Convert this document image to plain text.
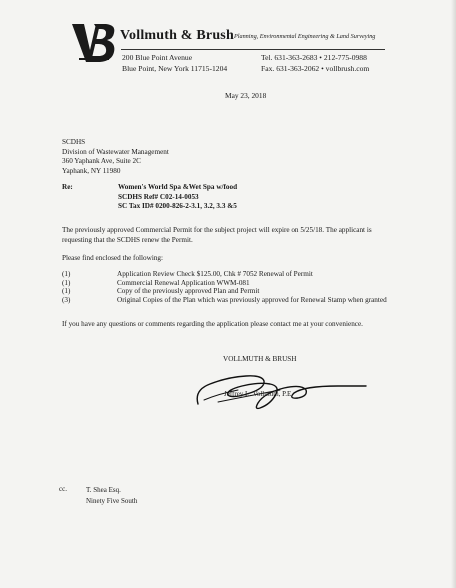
Vollmuth & Brush Planning, Environmental Engineering & Land Surveying
200 Blue Point Avenue
Blue Point, New York 11715-1204
Tel. 631-363-2683 • 212-775-0988
Fax. 631-363-2062 • vollbrush.com
May 23, 2018
SCDHS
Division of Wastewater Management
360 Yaphank Ave, Suite 2C
Yaphank, NY 11980
Re:	Women's World Spa &Wet Spa w/food
SCDHS Ref# C02-14-0053
SC Tax ID# 0200-826-2-3.1, 3.2, 3.3 &5
The previously approved Commercial Permit for the subject project will expire on 5/25/18. The applicant is requesting that the SCDHS renew the Permit.
Please find enclosed the following:
(1)	Application Review Check $125.00, Chk # 7052 Renewal of Permit
(1)	Commercial Renewal Application WWM-081
(1)	Copy of the previously approved Plan and Permit
(3)	Original Copies of the Plan which was previously approved for Renewal Stamp when granted
If you have any questions or comments regarding the application please contact me at your convenience.
VOLLMUTH & BRUSH
Jeffrey L. Vollmuth, P.E.
cc.	T. Shea Esq.
Ninety Five South
